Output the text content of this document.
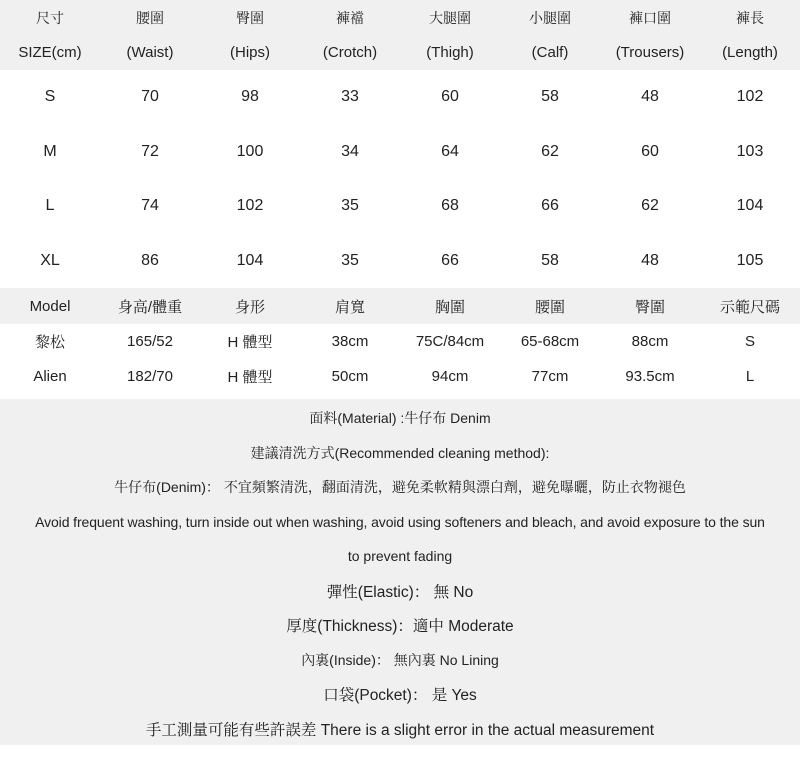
尺寸	腰圍	臀圍	褲襠	大腿圍	小腿圍	褲口圍	褲長
SIZE(cm)	(Waist)	(Hips)	(Crotch)	(Thigh)	(Calf)	(Trousers)	(Length)
S	70	98	33	60	58	48	102
M	72	100	34	64	62	60	103
L	74	102	35	68	66	62	104
XL	86	104	35	66	58	48	105
Model	身高/體重	身形	肩寬	胸圍	腰圍	臀圍	示範尺碼
黎松	165/52	H 體型	38cm	75C/84cm	65-68cm	88cm	S
Alien	182/70	H 體型	50cm	94cm	77cm	93.5cm	L
面料(Material) :牛仔布 Denim
建議清洗方式(Recommended cleaning method):
牛仔布(Denim)： 不宜頻繁清洗，翻面清洗，避免柔軟精與漂白劑，避免曝曬，防止衣物褪色
Avoid frequent washing, turn inside out when washing, avoid using softeners and bleach, and avoid exposure to the sun
to prevent fading
彈性(Elastic)： 無 No
厚度(Thickness)：適中 Moderate
內裏(Inside)： 無內裏 No Lining
口袋(Pocket)： 是 Yes
手工測量可能有些許誤差 There is a slight error in the actual measurement
